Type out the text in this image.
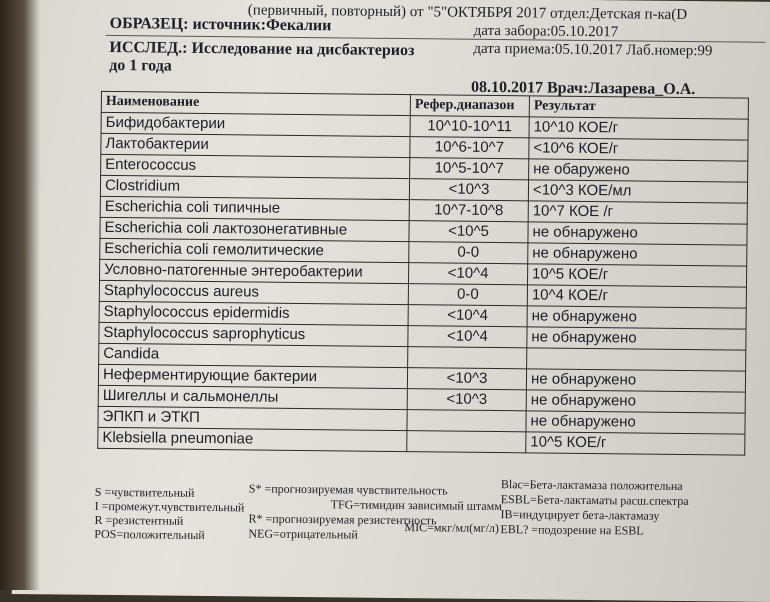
(первичный, повторный) от "5"ОКТЯБРЯ 2017 отдел:Детская п-ка(D
ОБРАЗЕЦ: источник:Фекалии	дата забора:05.10.2017
дата приема:05.10.2017 Лаб.номер:99
ИССЛЕД.: Исследование на дисбактериоз
до 1 года
08.10.2017 Врач:Лазарева_О.А.
Наименование	Рефер.диапазон	Результат
Бифидобактерии	10^10-10^11	10^10 КОЕ/г
Лактобактерии	10^6-10^7	<10^6 КОЕ/г
Enterococcus	10^5-10^7	не обаружено
Clostridium	<10^3	<10^3 КОЕ/мл
Escherichia coli типичные	10^7-10^8	10^7 КОЕ /г
Escherichia coli лактозонегативные	<10^5	не обнаружено
Escherichia coli гемолитические	0-0	не обнаружено
Условно-патогенные энтеробактерии	<10^4	10^5 КОЕ/г
Staphylococcus aureus	0-0	10^4 КОЕ/г
Staphylococcus epidermidis	<10^4	не обнаружено
Staphylococcus saprophyticus	<10^4	не обнаружено
Candida		
Неферментирующие бактерии	<10^3	не обнаружено
Шигеллы и сальмонеллы	<10^3	не обнаружено
ЭПКП и ЭТКП		не обнаружено
Klebsiella pneumoniae		10^5 КОЕ/г
S =чувствительный
I =промежут.чувствительный
R =резистентный
POS=положительный
S* =прогнозируемая чувствительность
TFG=тимидин зависимый штамм
R* =прогнозируемая резистентность
NEG=отрицательный	MIC=мкг/мл(мг/л)
Blac=Бета-лактамаза положительна
ESBL=Бета-лактаматы расш.спектра
IB=индуцирует бета-лактамазу
EBL? =подозрение на ESBL
